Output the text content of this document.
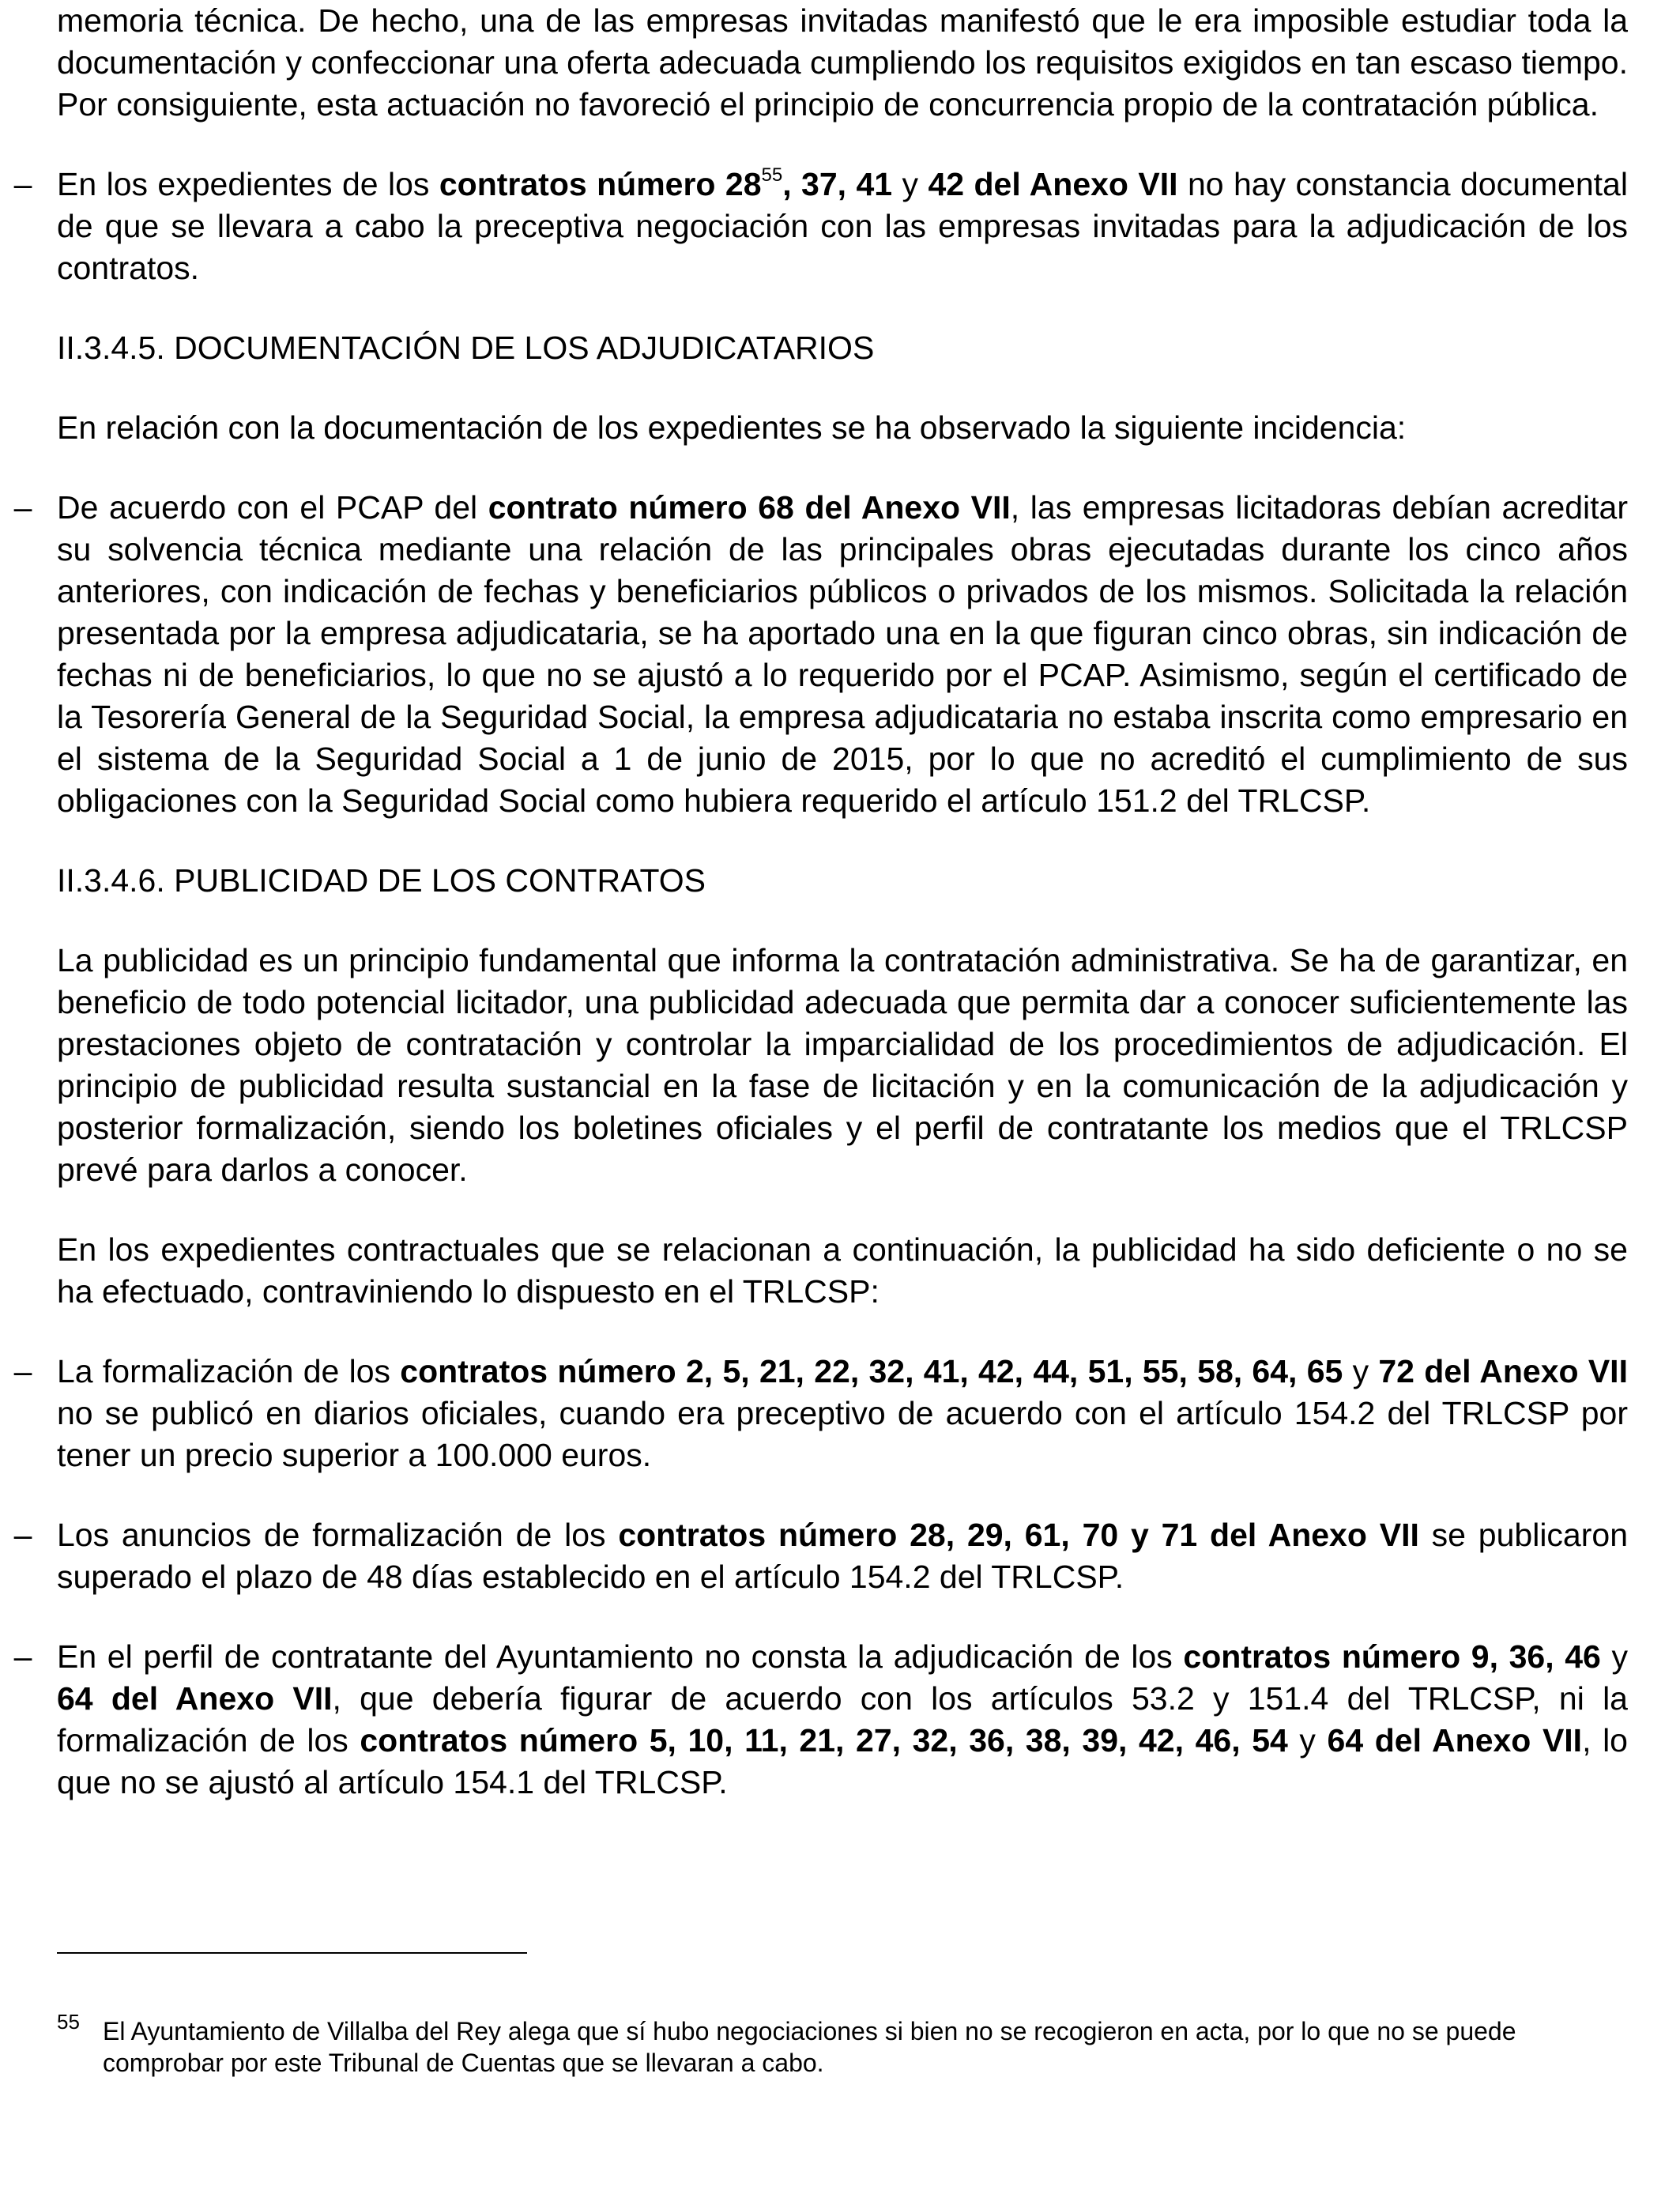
memoria técnica. De hecho, una de las empresas invitadas manifestó que le era imposible estudiar toda la documentación y confeccionar una oferta adecuada cumpliendo los requisitos exigidos en tan escaso tiempo. Por consiguiente, esta actuación no favoreció el principio de concurrencia propio de la contratación pública.

– En los expedientes de los contratos número $28^{55}$, 37, 41 y 42 del Anexo VII no hay constancia documental de que se llevara a cabo la preceptiva negociación con las empresas invitadas para la adjudicación de los contratos.

II.3.4.5. DOCUMENTACIÓN DE LOS ADJUDICATARIOS

En relación con la documentación de los expedientes se ha observado la siguiente incidencia:

– De acuerdo con el PCAP del contrato número 68 del Anexo VII, las empresas licitadoras debían acreditar su solvencia técnica mediante una relación de las principales obras ejecutadas durante los cinco años anteriores, con indicación de fechas y beneficiarios públicos o privados de los mismos. Solicitada la relación presentada por la empresa adjudicataria, se ha aportado una en la que figuran cinco obras, sin indicación de fechas ni de beneficiarios, lo que no se ajustó a lo requerido por el PCAP. Asimismo, según el certificado de la Tesorería General de la Seguridad Social, la empresa adjudicataria no estaba inscrita como empresario en el sistema de la Seguridad Social a 1 de junio de 2015, por lo que no acreditó el cumplimiento de sus obligaciones con la Seguridad Social como hubiera requerido el artículo 151.2 del TRLCSP.

II.3.4.6. PUBLICIDAD DE LOS CONTRATOS

La publicidad es un principio fundamental que informa la contratación administrativa. Se ha de garantizar, en beneficio de todo potencial licitador, una publicidad adecuada que permita dar a conocer suficientemente las prestaciones objeto de contratación y controlar la imparcialidad de los procedimientos de adjudicación. El principio de publicidad resulta sustancial en la fase de licitación y en la comunicación de la adjudicación y posterior formalización, siendo los boletines oficiales y el perfil de contratante los medios que el TRLCSP prevé para darlos a conocer.

En los expedientes contractuales que se relacionan a continuación, la publicidad ha sido deficiente o no se ha efectuado, contraviniendo lo dispuesto en el TRLCSP:

– La formalización de los contratos número 2, 5, 21, 22, 32, 41, 42, 44, 51, 55, 58, 64, 65 y 72 del Anexo VII no se publicó en diarios oficiales, cuando era preceptivo de acuerdo con el artículo 154.2 del TRLCSP por tener un precio superior a 100.000 euros.

– Los anuncios de formalización de los contratos número 28, 29, 61, 70 y 71 del Anexo VII se publicaron superado el plazo de 48 días establecido en el artículo 154.2 del TRLCSP.

– En el perfil de contratante del Ayuntamiento no consta la adjudicación de los contratos número 9, 36, 46 y 64 del Anexo VII, que debería figurar de acuerdo con los artículos 53.2 y 151.4 del TRLCSP, ni la formalización de los contratos número 5, 10, 11, 21, 27, 32, 36, 38, 39, 42, 46, 54 y 64 del Anexo VII, lo que no se ajustó al artículo 154.1 del TRLCSP.

55 El Ayuntamiento de Villalba del Rey alega que sí hubo negociaciones si bien no se recogieron en acta, por lo que no se puede comprobar por este Tribunal de Cuentas que se llevaran a cabo.
